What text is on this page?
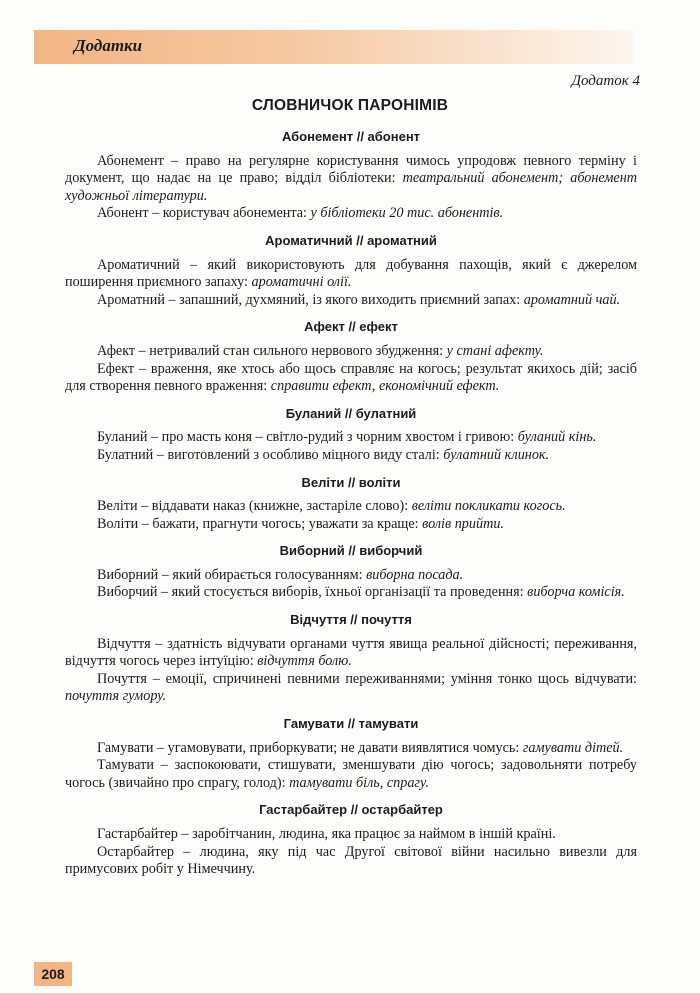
Додатки
Додаток 4
СЛОВНИЧОК ПАРОНІМІВ
Абонемент // абонент

Абонемент – право на регулярне користування чимось упродовж певного терміну і документ, що надає на це право; відділ бібліотеки: театральний абонемент; абонемент художньої літератури.

Абонент – користувач абонемента: у бібліотеки 20 тис. абонентів.

Ароматичний // ароматний

Ароматичний – який використовують для добування пахощів, який є джерелом поширення приємного запаху: ароматичні олії.

Ароматний – запашний, духмяний, із якого виходить приємний запах: ароматний чай.

Афект // ефект

Афект – нетривалий стан сильного нервового збудження: у стані афекту.

Ефект – враження, яке хтось або щось справляє на когось; результат якихось дій; засіб для створення певного враження: справити ефект, економічний ефект.

Буланий // булатний

Буланий – про масть коня – світло-рудий з чорним хвостом і гривою: буланий кінь.

Булатний – виготовлений з особливо міцного виду сталі: булатний клинок.

Веліти // воліти

Веліти – віддавати наказ (книжне, застаріле слово): веліти покликати когось.

Воліти – бажати, прагнути чогось; уважати за краще: волів прийти.

Виборний // виборчий

Виборний – який обирається голосуванням: виборна посада.

Виборчий – який стосується виборів, їхньої організації та проведення: виборча комісія.

Відчуття // почуття

Відчуття – здатність відчувати органами чуття явища реальної дійсності; переживання, відчуття чогось через інтуїцію: відчуття болю.

Почуття – емоції, спричинені певними переживаннями; уміння тонко щось відчувати: почуття гумору.

Гамувати // тамувати

Гамувати – угамовувати, приборкувати; не давати виявлятися чомусь: гамувати дітей.

Тамувати – заспокоювати, стишувати, зменшувати дію чогось; задовольняти потребу чогось (звичайно про спрагу, голод): тамувати біль, спрагу.

Гастарбайтер // остарбайтер

Гастарбайтер – заробітчанин, людина, яка працює за наймом в іншій країні.

Остарбайтер – людина, яку під час Другої світової війни насильно вивезли для примусових робіт у Німеччину.

208
